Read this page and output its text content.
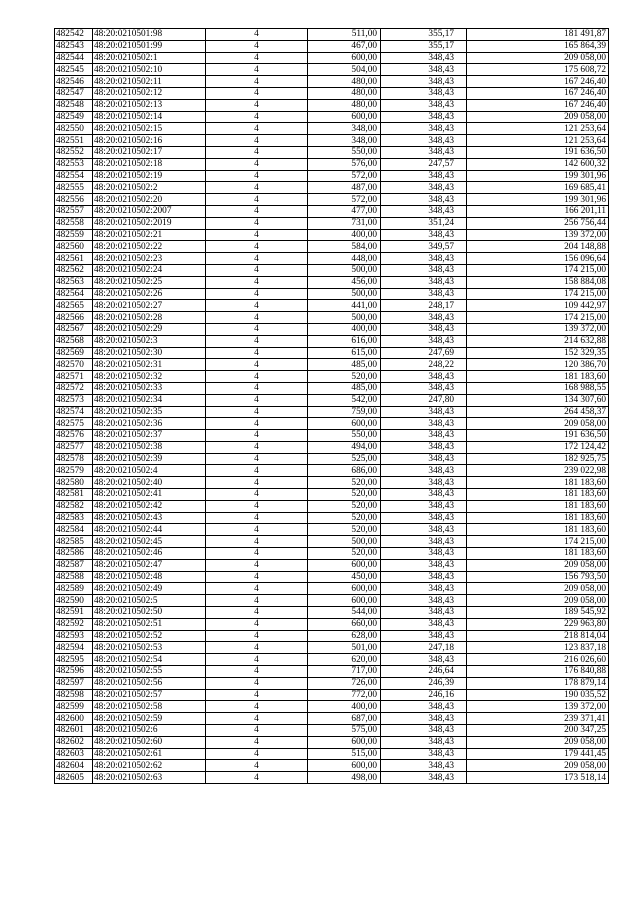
482542	48:20:0210501:98	4	511,00	355,17	181 491,87
482543	48:20:0210501:99	4	467,00	355,17	165 864,39
482544	48:20:0210502:1	4	600,00	348,43	209 058,00
482545	48:20:0210502:10	4	504,00	348,43	175 608,72
482546	48:20:0210502:11	4	480,00	348,43	167 246,40
482547	48:20:0210502:12	4	480,00	348,43	167 246,40
482548	48:20:0210502:13	4	480,00	348,43	167 246,40
482549	48:20:0210502:14	4	600,00	348,43	209 058,00
482550	48:20:0210502:15	4	348,00	348,43	121 253,64
482551	48:20:0210502:16	4	348,00	348,43	121 253,64
482552	48:20:0210502:17	4	550,00	348,43	191 636,50
482553	48:20:0210502:18	4	576,00	247,57	142 600,32
482554	48:20:0210502:19	4	572,00	348,43	199 301,96
482555	48:20:0210502:2	4	487,00	348,43	169 685,41
482556	48:20:0210502:20	4	572,00	348,43	199 301,96
482557	48:20:0210502:2007	4	477,00	348,43	166 201,11
482558	48:20:0210502:2019	4	731,00	351,24	256 756,44
482559	48:20:0210502:21	4	400,00	348,43	139 372,00
482560	48:20:0210502:22	4	584,00	349,57	204 148,88
482561	48:20:0210502:23	4	448,00	348,43	156 096,64
482562	48:20:0210502:24	4	500,00	348,43	174 215,00
482563	48:20:0210502:25	4	456,00	348,43	158 884,08
482564	48:20:0210502:26	4	500,00	348,43	174 215,00
482565	48:20:0210502:27	4	441,00	248,17	109 442,97
482566	48:20:0210502:28	4	500,00	348,43	174 215,00
482567	48:20:0210502:29	4	400,00	348,43	139 372,00
482568	48:20:0210502:3	4	616,00	348,43	214 632,88
482569	48:20:0210502:30	4	615,00	247,69	152 329,35
482570	48:20:0210502:31	4	485,00	248,22	120 386,70
482571	48:20:0210502:32	4	520,00	348,43	181 183,60
482572	48:20:0210502:33	4	485,00	348,43	168 988,55
482573	48:20:0210502:34	4	542,00	247,80	134 307,60
482574	48:20:0210502:35	4	759,00	348,43	264 458,37
482575	48:20:0210502:36	4	600,00	348,43	209 058,00
482576	48:20:0210502:37	4	550,00	348,43	191 636,50
482577	48:20:0210502:38	4	494,00	348,43	172 124,42
482578	48:20:0210502:39	4	525,00	348,43	182 925,75
482579	48:20:0210502:4	4	686,00	348,43	239 022,98
482580	48:20:0210502:40	4	520,00	348,43	181 183,60
482581	48:20:0210502:41	4	520,00	348,43	181 183,60
482582	48:20:0210502:42	4	520,00	348,43	181 183,60
482583	48:20:0210502:43	4	520,00	348,43	181 183,60
482584	48:20:0210502:44	4	520,00	348,43	181 183,60
482585	48:20:0210502:45	4	500,00	348,43	174 215,00
482586	48:20:0210502:46	4	520,00	348,43	181 183,60
482587	48:20:0210502:47	4	600,00	348,43	209 058,00
482588	48:20:0210502:48	4	450,00	348,43	156 793,50
482589	48:20:0210502:49	4	600,00	348,43	209 058,00
482590	48:20:0210502:5	4	600,00	348,43	209 058,00
482591	48:20:0210502:50	4	544,00	348,43	189 545,92
482592	48:20:0210502:51	4	660,00	348,43	229 963,80
482593	48:20:0210502:52	4	628,00	348,43	218 814,04
482594	48:20:0210502:53	4	501,00	247,18	123 837,18
482595	48:20:0210502:54	4	620,00	348,43	216 026,60
482596	48:20:0210502:55	4	717,00	246,64	176 840,88
482597	48:20:0210502:56	4	726,00	246,39	178 879,14
482598	48:20:0210502:57	4	772,00	246,16	190 035,52
482599	48:20:0210502:58	4	400,00	348,43	139 372,00
482600	48:20:0210502:59	4	687,00	348,43	239 371,41
482601	48:20:0210502:6	4	575,00	348,43	200 347,25
482602	48:20:0210502:60	4	600,00	348,43	209 058,00
482603	48:20:0210502:61	4	515,00	348,43	179 441,45
482604	48:20:0210502:62	4	600,00	348,43	209 058,00
482605	48:20:0210502:63	4	498,00	348,43	173 518,14
